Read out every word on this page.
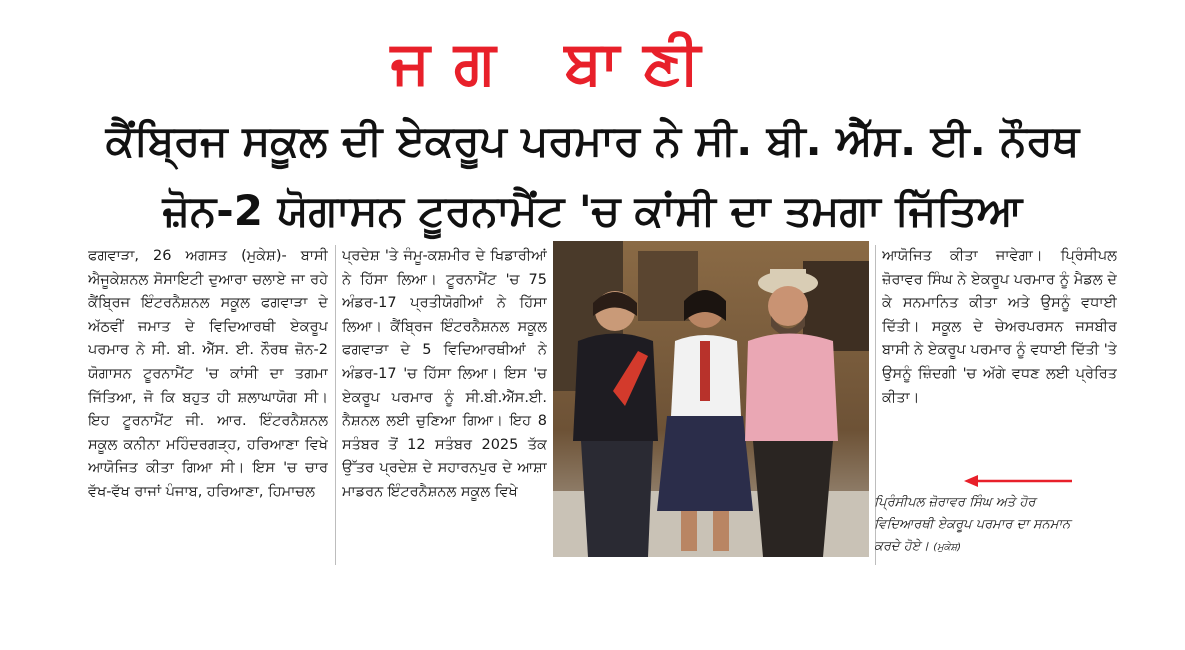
ਜਗ ਬਾਣੀ
ਕੈਂਬ੍ਰਿਜ ਸਕੂਲ ਦੀ ਏਕਰੂਪ ਪਰਮਾਰ ਨੇ ਸੀ. ਬੀ. ਐੱਸ. ਈ. ਨੌਰਥ
ਜ਼ੋਨ-2 ਯੋਗਾਸਨ ਟੂਰਨਾਮੈਂਟ 'ਚ ਕਾਂਸੀ ਦਾ ਤਮਗਾ ਜਿੱਤਿਆ

ਫਗਵਾੜਾ, 26 ਅਗਸਤ (ਮੁਕੇਸ਼)- ਬਾਸੀ ਐਜੂਕੇਸ਼ਨਲ ਸੋਸਾਇਟੀ ਦੁਆਰਾ ਚਲਾਏ ਜਾ ਰਹੇ ਕੈਂਬ੍ਰਿਜ ਇੰਟਰਨੈਸ਼ਨਲ ਸਕੂਲ ਫਗਵਾੜਾ ਦੇ ਅੱਠਵੀਂ ਜਮਾਤ ਦੇ ਵਿਦਿਆਰਥੀ ਏਕਰੂਪ ਪਰਮਾਰ ਨੇ ਸੀ. ਬੀ. ਐੱਸ. ਈ. ਨੌਰਥ ਜ਼ੋਨ-2 ਯੋਗਾਸਨ ਟੂਰਨਾਮੈਂਟ 'ਚ ਕਾਂਸੀ ਦਾ ਤਗਮਾ ਜਿੱਤਿਆ, ਜੋ ਕਿ ਬਹੁਤ ਹੀ ਸ਼ਲਾਘਾਯੋਗ ਸੀ। ਇਹ ਟੂਰਨਾਮੈਂਟ ਜੀ. ਆਰ. ਇੰਟਰਨੈਸ਼ਨਲ ਸਕੂਲ ਕਨੀਨਾ ਮਹਿੰਦਰਗੜ੍ਹ, ਹਰਿਆਣਾ ਵਿਖੇ ਆਯੋਜਿਤ ਕੀਤਾ ਗਿਆ ਸੀ। ਇਸ 'ਚ ਚਾਰ ਵੱਖ-ਵੱਖ ਰਾਜਾਂ ਪੰਜਾਬ, ਹਰਿਆਣਾ, ਹਿਮਾਚਲ

ਪ੍ਰਦੇਸ਼ 'ਤੇ ਜੰਮੂ-ਕਸ਼ਮੀਰ ਦੇ ਖਿਡਾਰੀਆਂ ਨੇ ਹਿੱਸਾ ਲਿਆ। ਟੂਰਨਾਮੈਂਟ 'ਚ 75 ਅੰਡਰ-17 ਪ੍ਰਤੀਯੋਗੀਆਂ ਨੇ ਹਿੱਸਾ ਲਿਆ। ਕੈਂਬ੍ਰਿਜ ਇੰਟਰਨੈਸ਼ਨਲ ਸਕੂਲ ਫਗਵਾੜਾ ਦੇ 5 ਵਿਦਿਆਰਥੀਆਂ ਨੇ ਅੰਡਰ-17 'ਚ ਹਿੱਸਾ ਲਿਆ। ਇਸ 'ਚ ਏਕਰੂਪ ਪਰਮਾਰ ਨੂੰ ਸੀ.ਬੀ.ਐੱਸ.ਈ. ਨੈਸ਼ਨਲ ਲਈ ਚੁਣਿਆ ਗਿਆ। ਇਹ 8 ਸਤੰਬਰ ਤੋਂ 12 ਸਤੰਬਰ 2025 ਤੱਕ ਉੱਤਰ ਪ੍ਰਦੇਸ਼ ਦੇ ਸਹਾਰਨਪੁਰ ਦੇ ਆਸ਼ਾ ਮਾਡਰਨ ਇੰਟਰਨੈਸ਼ਨਲ ਸਕੂਲ ਵਿਖੇ

ਆਯੋਜਿਤ ਕੀਤਾ ਜਾਵੇਗਾ। ਪ੍ਰਿੰਸੀਪਲ ਜ਼ੋਰਾਵਰ ਸਿੰਘ ਨੇ ਏਕਰੂਪ ਪਰਮਾਰ ਨੂੰ ਮੈਡਲ ਦੇ ਕੇ ਸਨਮਾਨਿਤ ਕੀਤਾ ਅਤੇ ਉਸਨੂੰ ਵਧਾਈ ਦਿੱਤੀ। ਸਕੂਲ ਦੇ ਚੇਅਰਪਰਸਨ ਜਸਬੀਰ ਬਾਸੀ ਨੇ ਏਕਰੂਪ ਪਰਮਾਰ ਨੂੰ ਵਧਾਈ ਦਿੱਤੀ 'ਤੇ ਉਸਨੂੰ ਜ਼ਿੰਦਗੀ 'ਚ ਅੱਗੇ ਵਧਣ ਲਈ ਪ੍ਰੇਰਿਤ ਕੀਤਾ।

ਪ੍ਰਿੰਸੀਪਲ ਜ਼ੋਰਾਵਰ ਸਿੰਘ ਅਤੇ ਹੋਰ ਵਿਦਿਆਰਥੀ ਏਕਰੂਪ ਪਰਮਾਰ ਦਾ ਸਨਮਾਨ ਕਰਦੇ ਹੋਏ। (ਮੁਕੇਸ਼)
